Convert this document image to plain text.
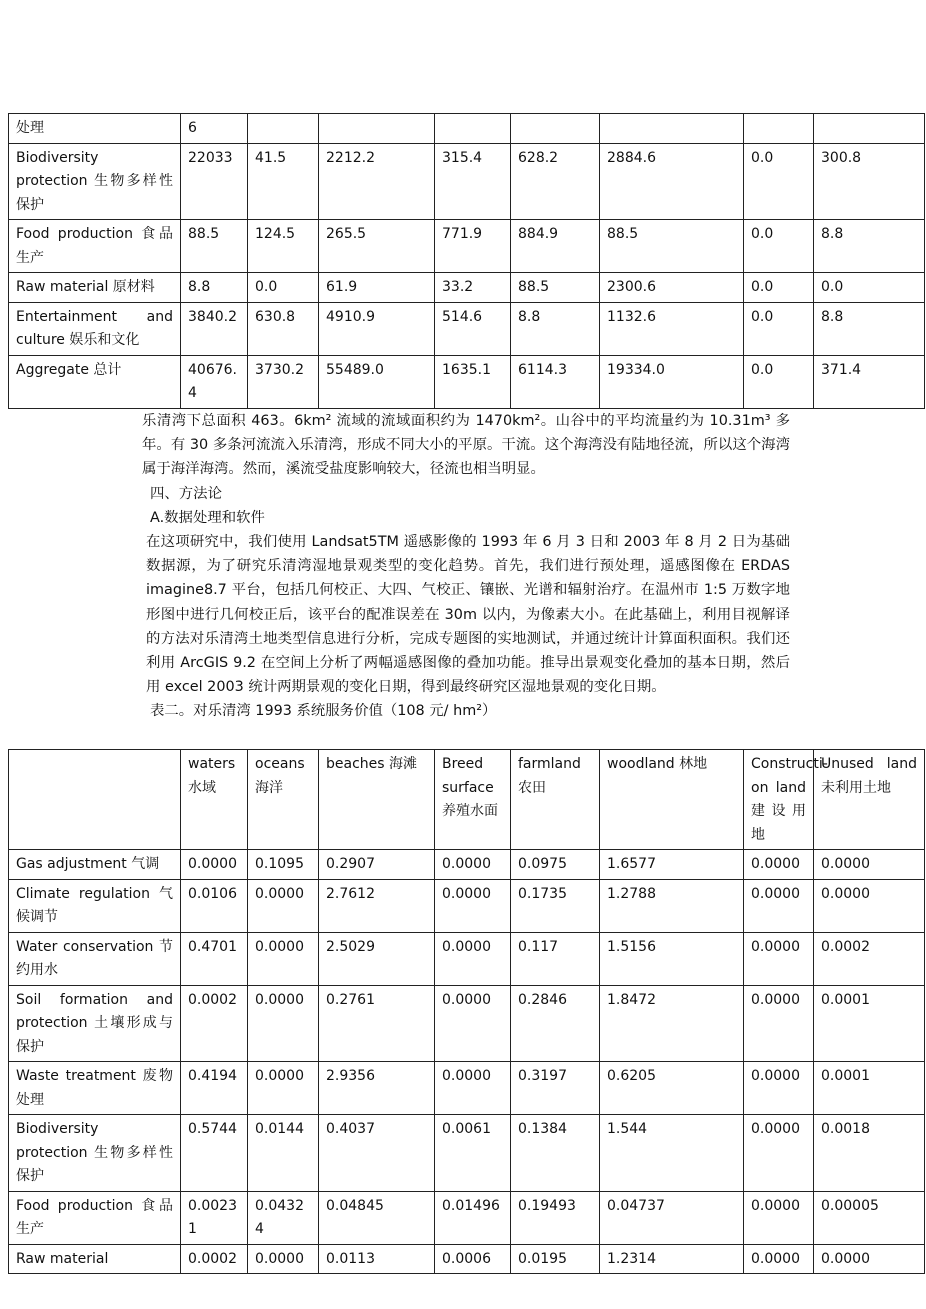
处理	6							
Biodiversity protection 生物多样性保护	22033	41.5	2212.2	315.4	628.2	2884.6	0.0	300.8
Food production 食品生产	88.5	124.5	265.5	771.9	884.9	88.5	0.0	8.8
Raw material 原材料	8.8	0.0	61.9	33.2	88.5	2300.6	0.0	0.0
Entertainment and culture 娱乐和文化	3840.2	630.8	4910.9	514.6	8.8	1132.6	0.0	8.8
Aggregate 总计	40676.4	3730.2	55489.0	1635.1	6114.3	19334.0	0.0	371.4

乐清湾下总面积 463。6km² 流域的流域面积约为 1470km²。山谷中的平均流量约为 10.31m³ 多年。有 30 多条河流流入乐清湾，形成不同大小的平原。干流。这个海湾没有陆地径流，所以这个海湾属于海洋海湾。然而，溪流受盐度影响较大，径流也相当明显。

四、方法论

A.数据处理和软件

在这项研究中，我们使用 Landsat5TM 遥感影像的 1993 年 6 月 3 日和 2003 年 8 月 2 日为基础数据源，为了研究乐清湾湿地景观类型的变化趋势。首先，我们进行预处理，遥感图像在 ERDAS imagine8.7 平台，包括几何校正、大四、气校正、镶嵌、光谱和辐射治疗。在温州市 1:5 万数字地形图中进行几何校正后，该平台的配准误差在 30m 以内，为像素大小。在此基础上，利用目视解译的方法对乐清湾土地类型信息进行分析，完成专题图的实地测试，并通过统计计算面积面积。我们还利用 ArcGIS 9.2 在空间上分析了两幅遥感图像的叠加功能。推导出景观变化叠加的基本日期，然后用 excel 2003 统计两期景观的变化日期，得到最终研究区湿地景观的变化日期。

表二。对乐清湾 1993 系统服务价值（108 元/ hm²）

	waters 水域	oceans 海洋	beaches 海滩	Breed surface 养殖水面	farmland 农田	woodland 林地	Constructi-on land 建设用地	Unused land 未利用土地
Gas adjustment 气调	0.0000	0.1095	0.2907	0.0000	0.0975	1.6577	0.0000	0.0000
Climate regulation 气候调节	0.0106	0.0000	2.7612	0.0000	0.1735	1.2788	0.0000	0.0000
Water conservation 节约用水	0.4701	0.0000	2.5029	0.0000	0.117	1.5156	0.0000	0.0002
Soil formation and protection 土壤形成与保护	0.0002	0.0000	0.2761	0.0000	0.2846	1.8472	0.0000	0.0001
Waste treatment 废物处理	0.4194	0.0000	2.9356	0.0000	0.3197	0.6205	0.0000	0.0001
Biodiversity protection 生物多样性保护	0.5744	0.0144	0.4037	0.0061	0.1384	1.544	0.0000	0.0018
Food production 食品生产	0.00231	0.04324	0.04845	0.01496	0.19493	0.04737	0.0000	0.00005
Raw material	0.0002	0.0000	0.0113	0.0006	0.0195	1.2314	0.0000	0.0000
